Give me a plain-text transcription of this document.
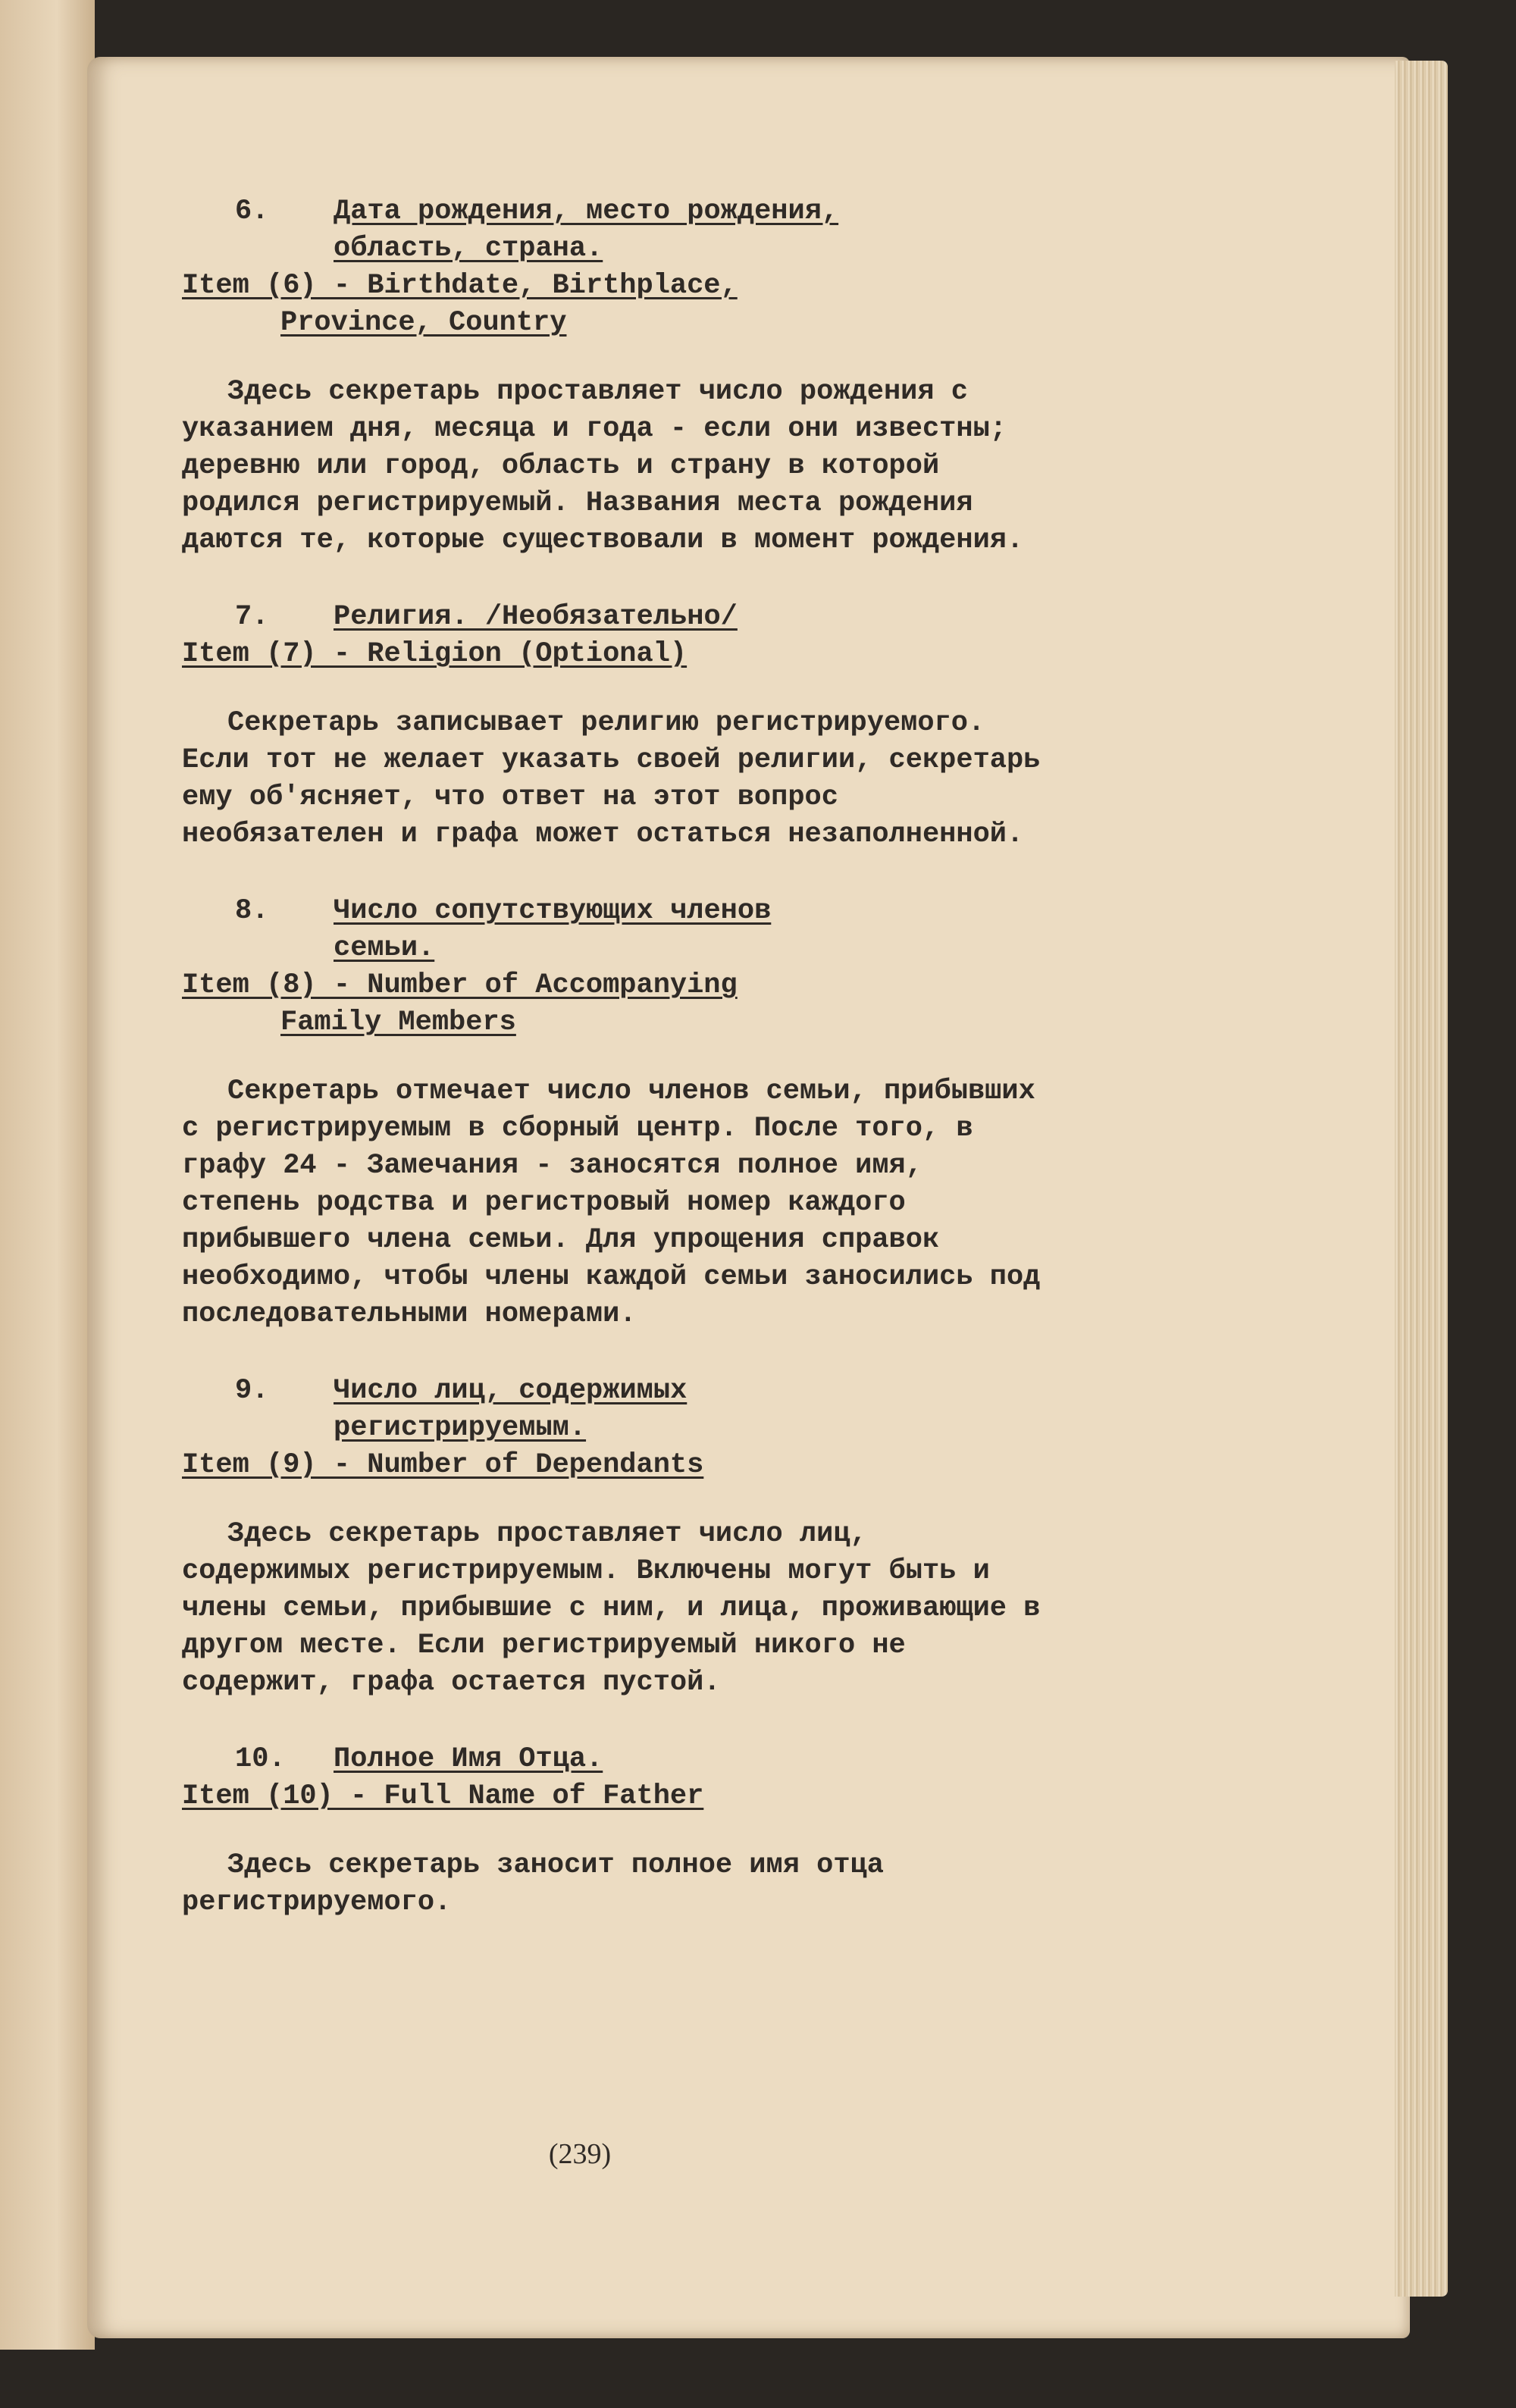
6. Дата рождения, место рождения,
область, страна.

Item (6) - Birthdate, Birthplace,
Province, Country

Здесь секретарь проставляет число рождения с указанием дня, месяца и года - если они известны; деревню или город, область и страну в которой родился регистрируемый. Названия места рождения даются те, которые существовали в момент рождения.

7. Религия. /Необязательно/

Item (7) - Religion (Optional)

Секретарь записывает религию регистрируемого. Если тот не желает указать своей религии, секретарь ему об'ясняет, что ответ на этот вопрос необязателен и графа может остаться незаполненной.

8. Число сопутствующих членов
семьи.

Item (8) - Number of Accompanying
Family Members

Секретарь отмечает число членов семьи, прибывших с регистрируемым в сборный центр. После того, в графу 24 - Замечания - заносятся полное имя, степень родства и регистровый номер каждого прибывшего члена семьи. Для упрощения справок необходимо, чтобы члены каждой семьи заносились под последовательными номерами.

9. Число лиц, содержимых
регистрируемым.

Item (9) - Number of Dependants

Здесь секретарь проставляет число лиц, содержимых регистрируемым. Включены могут быть и члены семьи, прибывшие с ним, и лица, проживающие в другом месте. Если регистрируемый никого не содержит, графа остается пустой.

10. Полное Имя Отца.

Item (10) - Full Name of Father

Здесь секретарь заносит полное имя отца регистрируемого.

(239)
